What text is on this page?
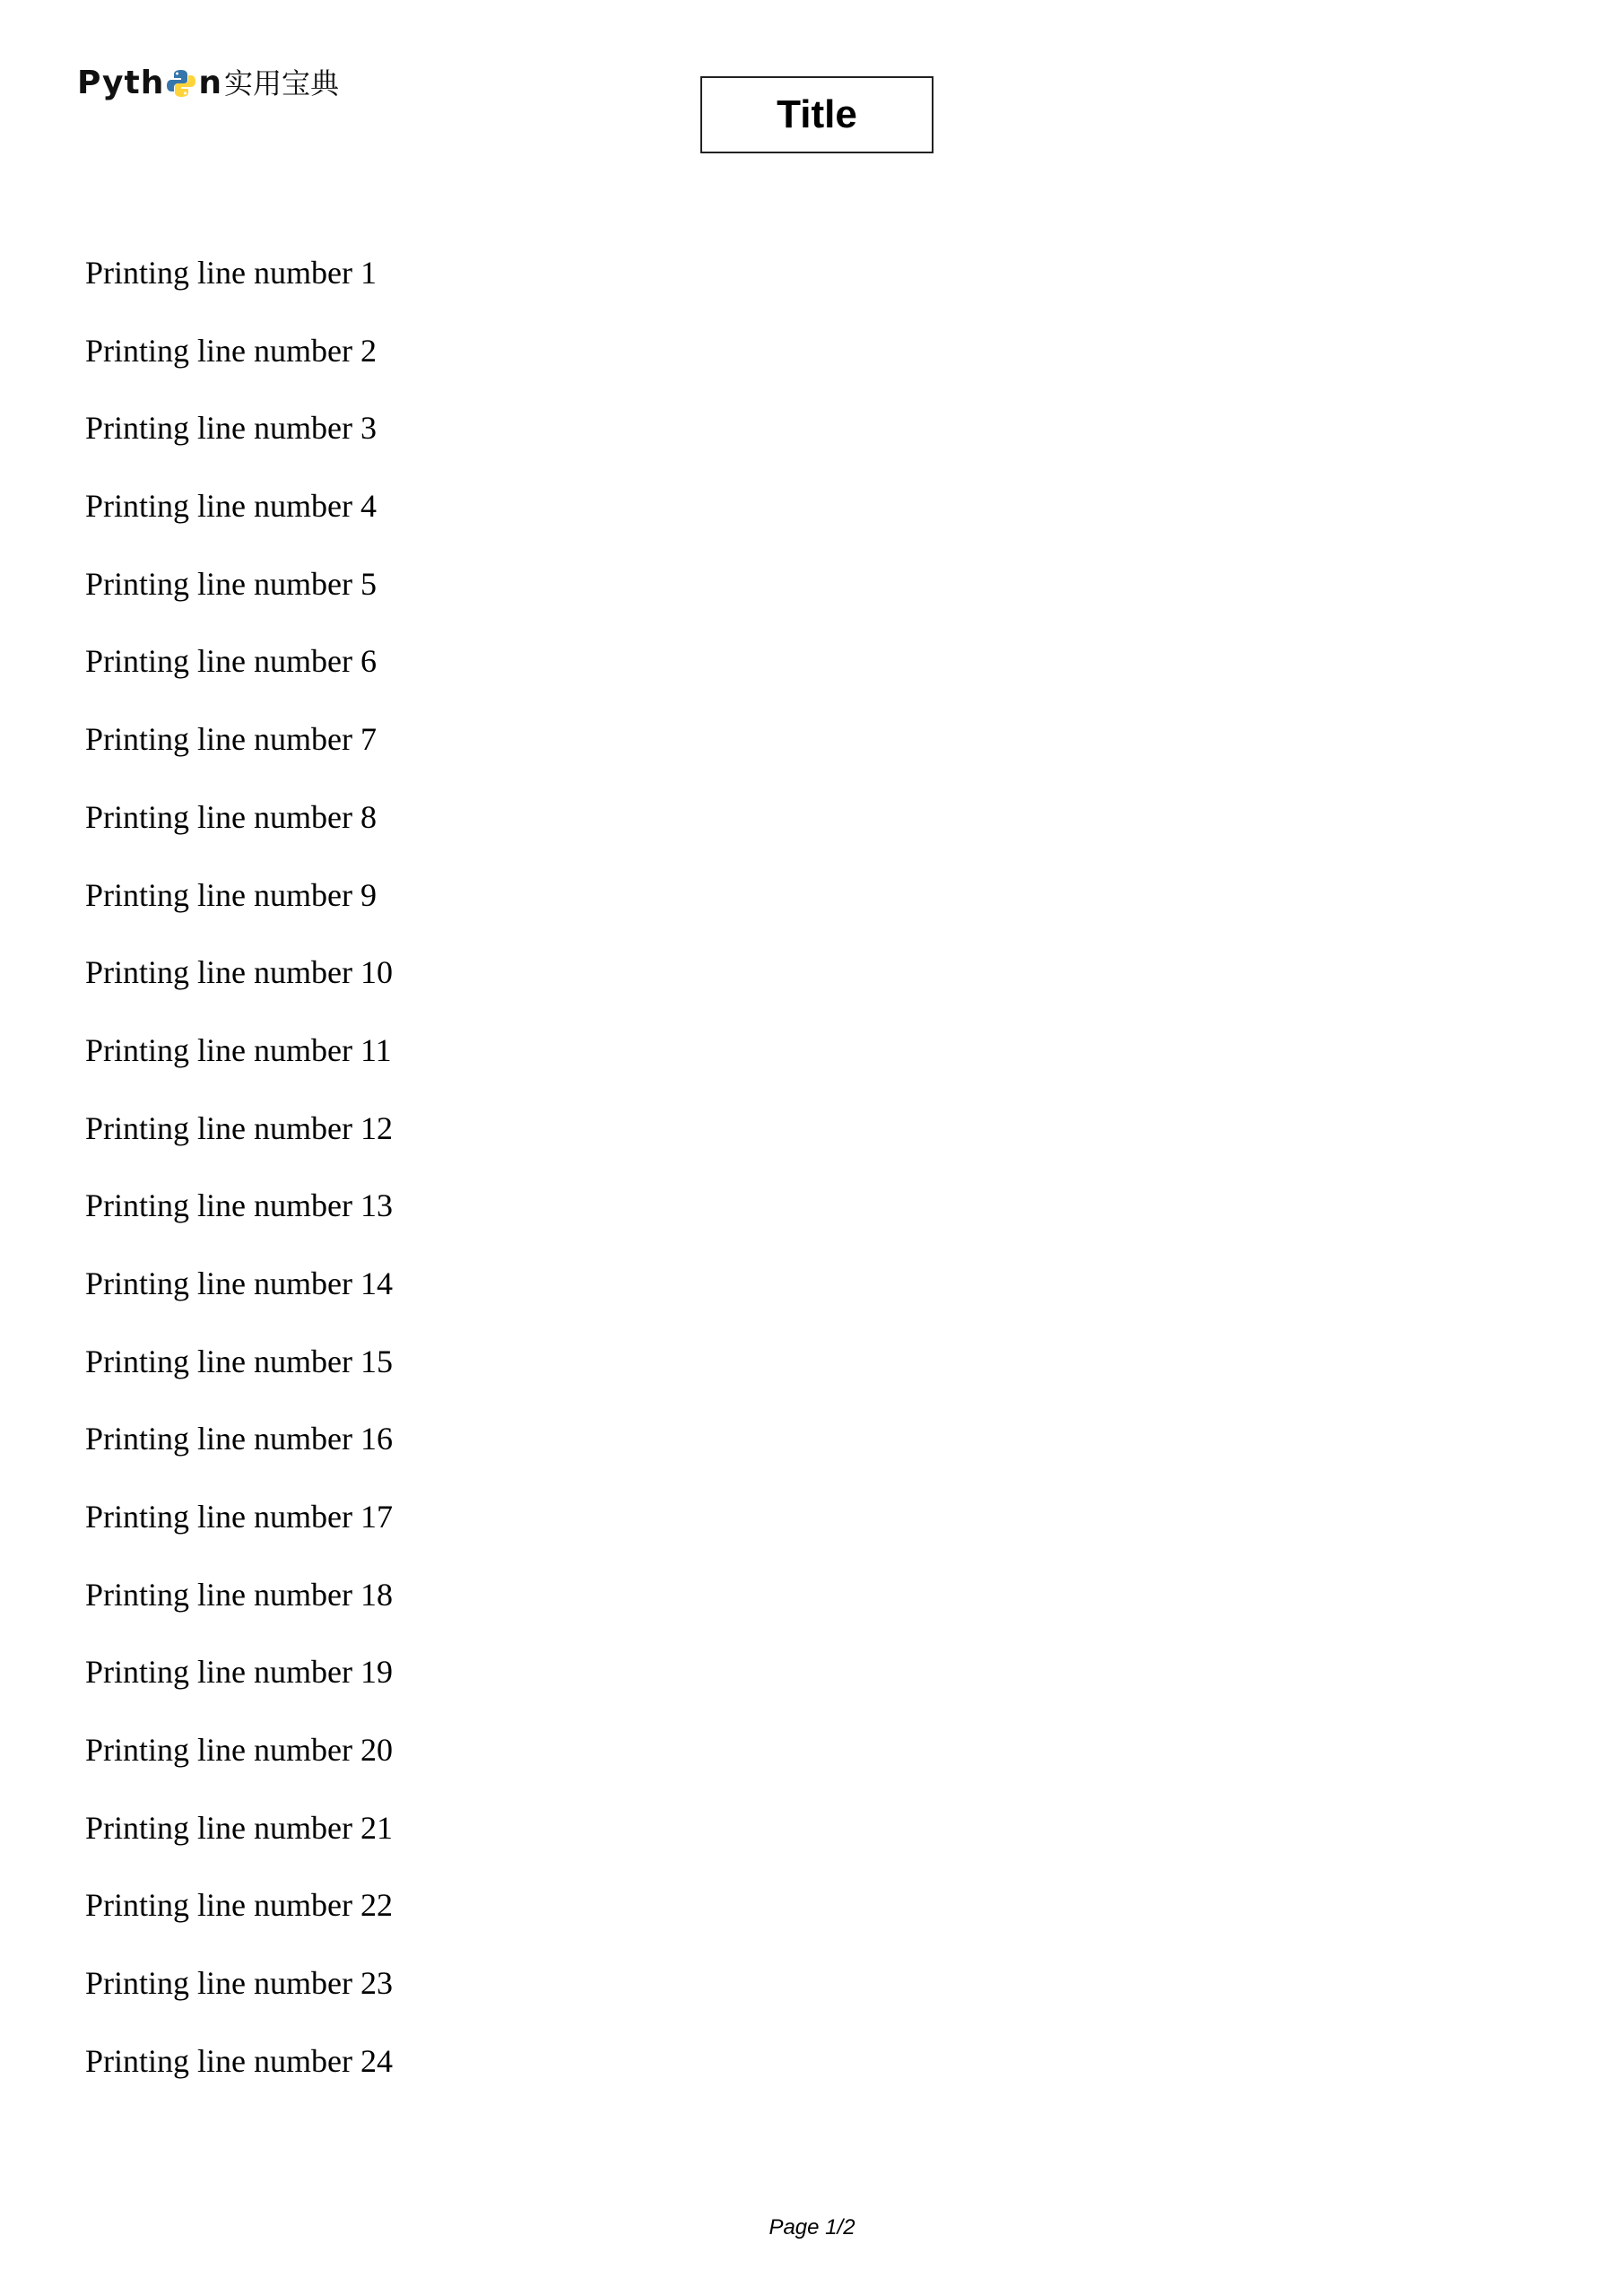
Pyth n 实用宝典
Title
Printing line number 1
Printing line number 2
Printing line number 3
Printing line number 4
Printing line number 5
Printing line number 6
Printing line number 7
Printing line number 8
Printing line number 9
Printing line number 10
Printing line number 11
Printing line number 12
Printing line number 13
Printing line number 14
Printing line number 15
Printing line number 16
Printing line number 17
Printing line number 18
Printing line number 19
Printing line number 20
Printing line number 21
Printing line number 22
Printing line number 23
Printing line number 24
Page 1/2
